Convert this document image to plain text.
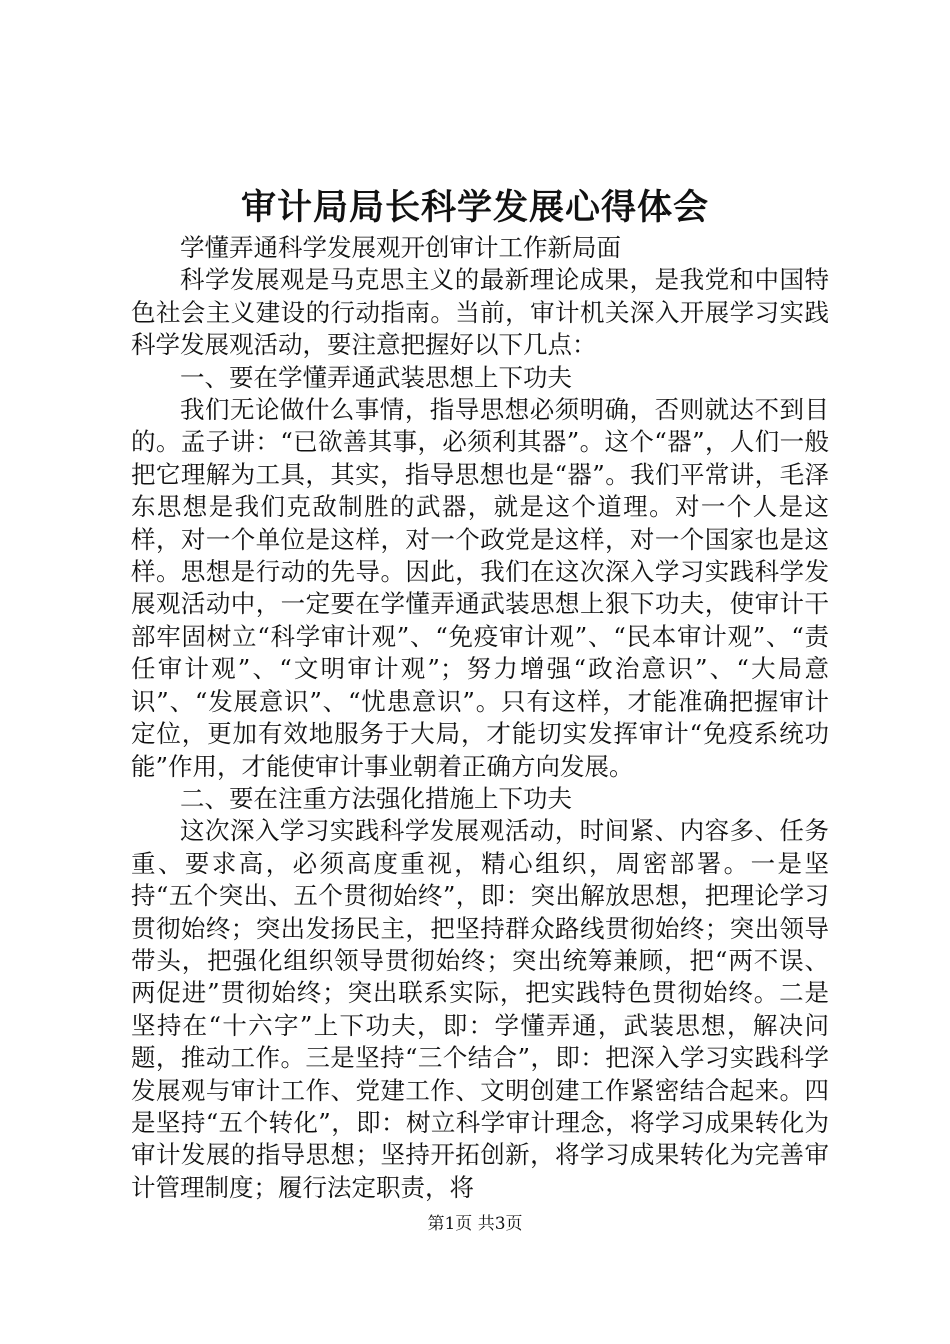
审计局局长科学发展心得体会

学懂弄通科学发展观开创审计工作新局面

科学发展观是马克思主义的最新理论成果，是我党和中国特色社会主义建设的行动指南。当前，审计机关深入开展学习实践科学发展观活动，要注意把握好以下几点：

一、要在学懂弄通武装思想上下功夫

我们无论做什么事情，指导思想必须明确，否则就达不到目的。孟子讲：“已欲善其事，必须利其器”。这个“器”，人们一般把它理解为工具，其实，指导思想也是“器”。我们平常讲，毛泽东思想是我们克敌制胜的武器，就是这个道理。对一个人是这样，对一个单位是这样，对一个政党是这样，对一个国家也是这样。思想是行动的先导。因此，我们在这次深入学习实践科学发展观活动中，一定要在学懂弄通武装思想上狠下功夫，使审计干部牢固树立“科学审计观”、“免疫审计观”、“民本审计观”、“责任审计观”、“文明审计观”；努力增强“政治意识”、“大局意识”、“发展意识”、“忧患意识”。只有这样，才能准确把握审计定位，更加有效地服务于大局，才能切实发挥审计“免疫系统功能”作用，才能使审计事业朝着正确方向发展。

二、要在注重方法强化措施上下功夫

这次深入学习实践科学发展观活动，时间紧、内容多、任务重、要求高，必须高度重视，精心组织，周密部署。一是坚持“五个突出、五个贯彻始终”，即：突出解放思想，把理论学习贯彻始终；突出发扬民主，把坚持群众路线贯彻始终；突出领导带头，把强化组织领导贯彻始终；突出统筹兼顾，把“两不误、两促进”贯彻始终；突出联系实际，把实践特色贯彻始终。二是坚持在“十六字”上下功夫，即：学懂弄通，武装思想，解决问题，推动工作。三是坚持“三个结合”，即：把深入学习实践科学发展观与审计工作、党建工作、文明创建工作紧密结合起来。四是坚持“五个转化”，即：树立科学审计理念，将学习成果转化为审计发展的指导思想；坚持开拓创新，将学习成果转化为完善审计管理制度；履行法定职责，将

第1页 共3页
